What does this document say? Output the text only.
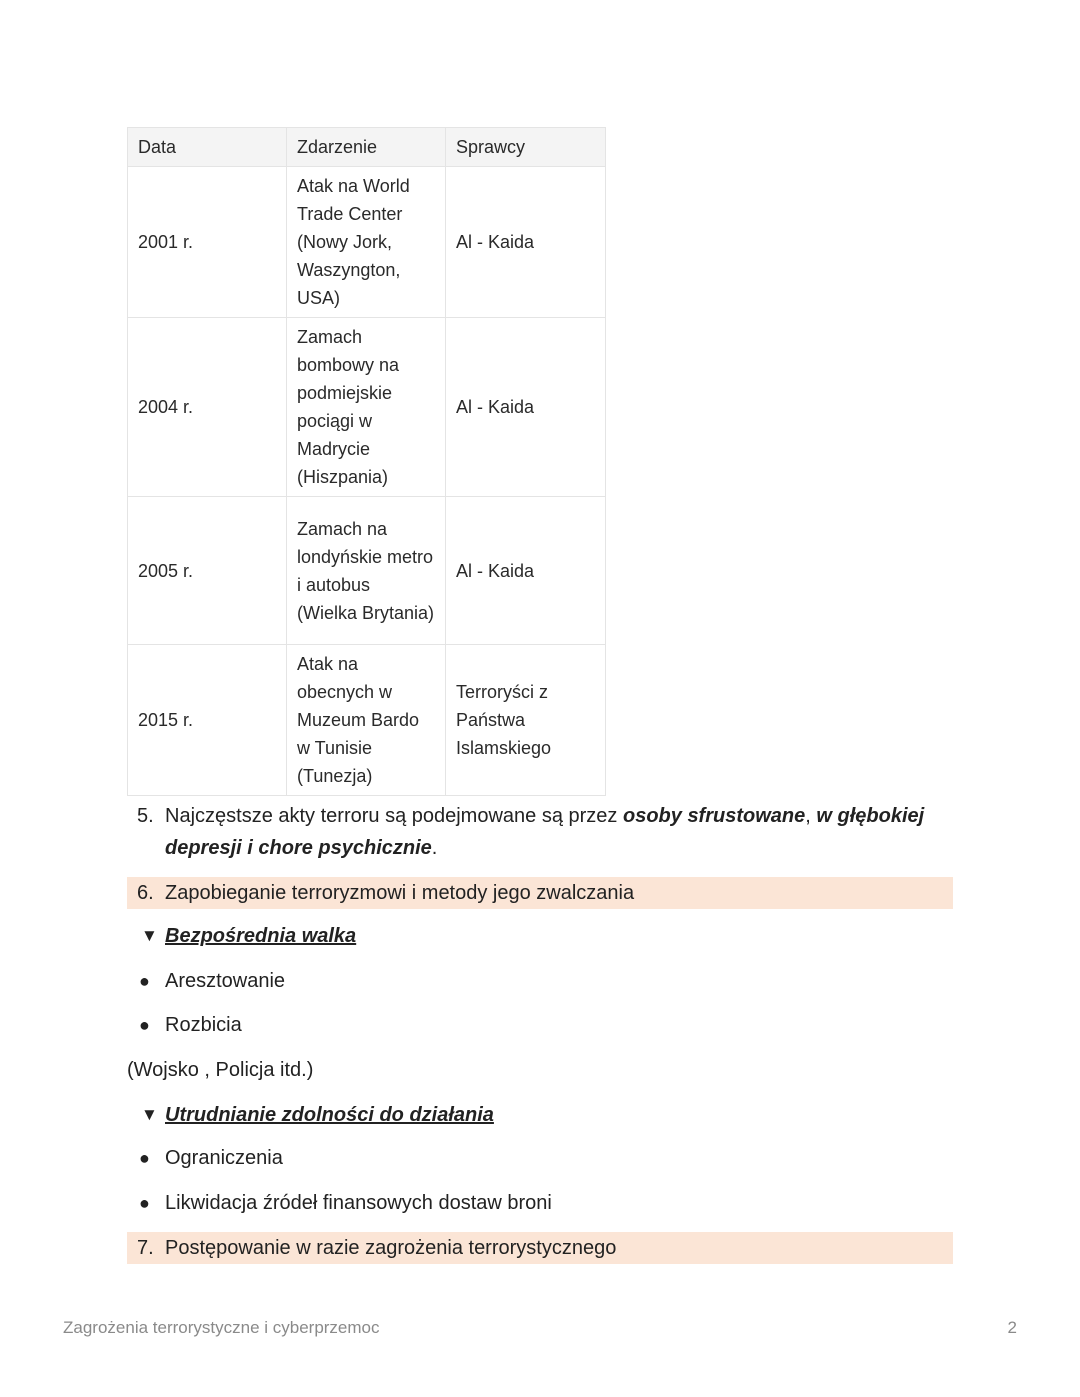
Data	Zdarzenie	Sprawcy
2001 r.	Atak na World Trade Center (Nowy Jork, Waszyngton, USA)	Al - Kaida
2004 r.	Zamach bombowy na podmiejskie pociągi w Madrycie (Hiszpania)	Al - Kaida
2005 r.	Zamach na londyńskie metro i autobus (Wielka Brytania)	Al - Kaida
2015 r.	Atak na obecnych w Muzeum Bardo w Tunisie (Tunezja)	Terroryści z Państwa Islamskiego
5. Najczęstsze akty terroru są podejmowane są przez osoby sfrustowane, w głębokiej depresji i chore psychicznie.
6. Zapobieganie terroryzmowi i metody jego zwalczania
▼ Bezpośrednia walka
● Aresztowanie
● Rozbicia
(Wojsko , Policja itd.)
▼ Utrudnianie zdolności do działania
● Ograniczenia
● Likwidacja źródeł finansowych dostaw broni
7. Postępowanie w razie zagrożenia terrorystycznego
Zagrożenia terrorystyczne i cyberprzemoc	2
